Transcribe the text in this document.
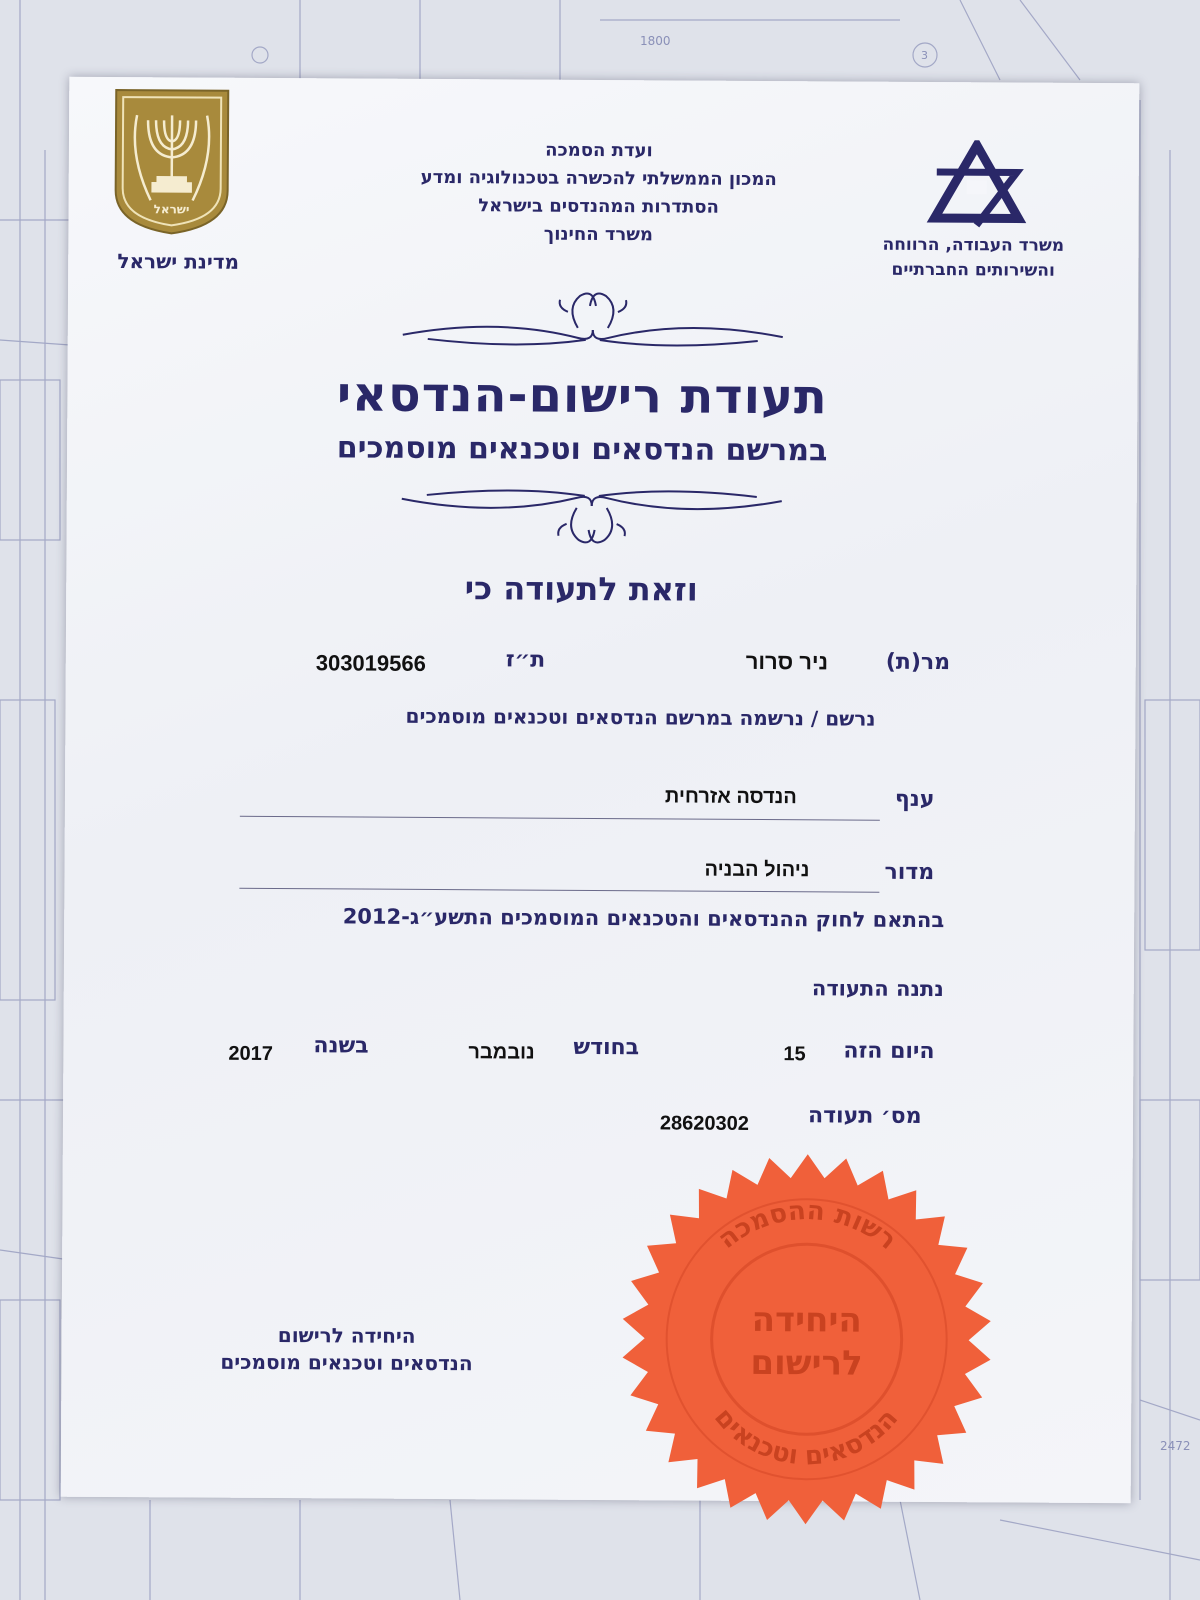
1800
3
2472
ישראל
מדינת ישראל
משרד העבודה, הרווחה
והשירותים החברתיים
ועדת הסמכה
המכון הממשלתי להכשרה בטכנולוגיה ומדע
הסתדרות המהנדסים בישראל
משרד החינוך
תעודת רישום-הנדסאי
במרשם הנדסאים וטכנאים מוסמכים
וזאת לתעודה כי
מר(ת)
ניר סרור
ת״ז
303019566
נרשם / נרשמה במרשם הנדסאים וטכנאים מוסמכים
ענף
הנדסה אזרחית
מדור
ניהול הבניה
בהתאם לחוק ההנדסאים והטכנאים המוסמכים התשע״ג-2012
נתנה התעודה
היום הזה
15
בחודש
נובמבר
בשנה
2017
מס׳ תעודה
28620302
היחידה לרישום
הנדסאים וטכנאים מוסמכים
רשות ההסמכה
הנדסאים וטכנאים
היחידה
לרישום
